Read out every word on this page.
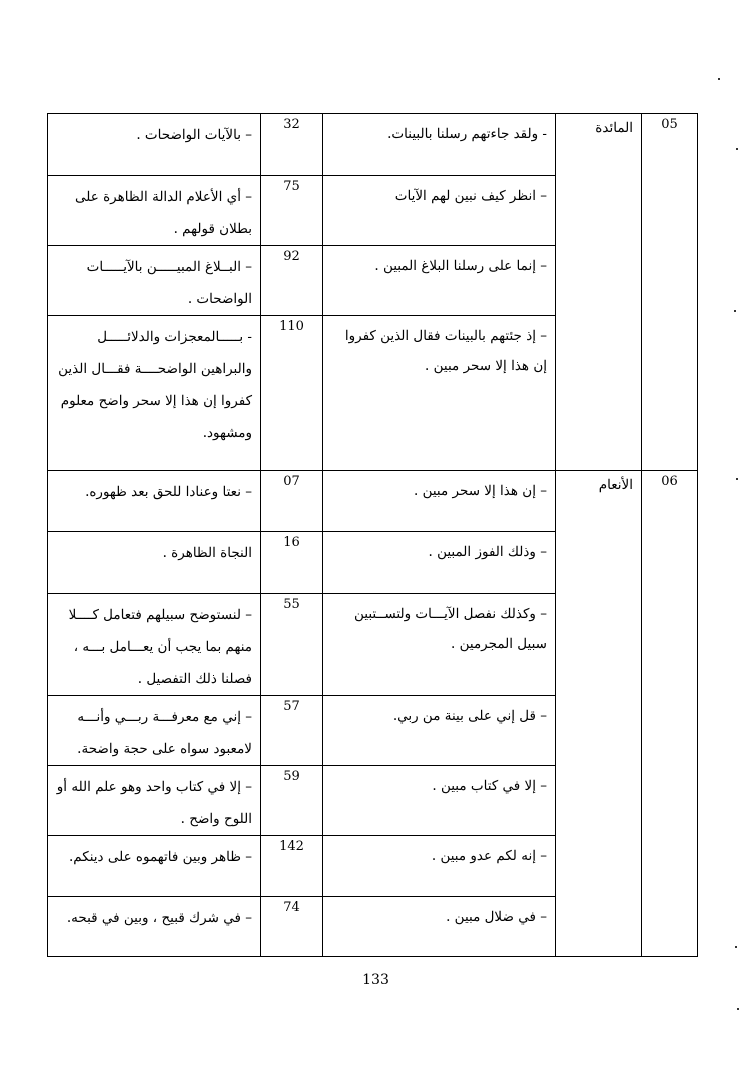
05	المائدة	- ولقد جاءتهم رسلنا بالبينات.	32	– بالآيات الواضحات .

		– انظر كيف نبين لهم الآيات	75	– أي الأعلام الدالة الظاهرة على بطلان قولهم .

		– إنما على رسلنا البلاغ المبين .	92	– البــلاغ المبيـــــن بالآيـــــات الواضحات .

		– إذ جئتهم بالبينات فقال الذين كفروا إن هذا إلا سحر مبين .	110	- بـــــالمعجزات والدلائـــــل والبراهين الواضحــــة فقـــال الذين كفروا إن هذا إلا سحر واضح معلوم ومشهود.

06	الأنعام	– إن هذا إلا سحر مبين .	07	– نعتا وعنادا للحق بعد ظهوره.

		– وذلك الفوز المبين .	16	النجاة الظاهرة .

		– وكذلك نفصل الآيـــات ولتســتبين سبيل المجرمين .	55	– لنستوضح سبيلهم فتعامل كــــلا منهم بما يجب أن يعـــامل بـــه ، فصلنا ذلك التفصيل .

		– قل إني على بينة من ربي.	57	– إني مع معرفـــة ربـــي وأنـــه لامعبود سواه على حجة واضحة.

		– إلا في كتاب مبين .	59	– إلا في كتاب واحد وهو علم الله أو اللوح واضح .

		– إنه لكم عدو مبين .	142	– ظاهر وبين فاتهموه على دينكم.

		– في ضلال مبين .	74	– في شرك قبيح ، وبين في قبحه.
133
